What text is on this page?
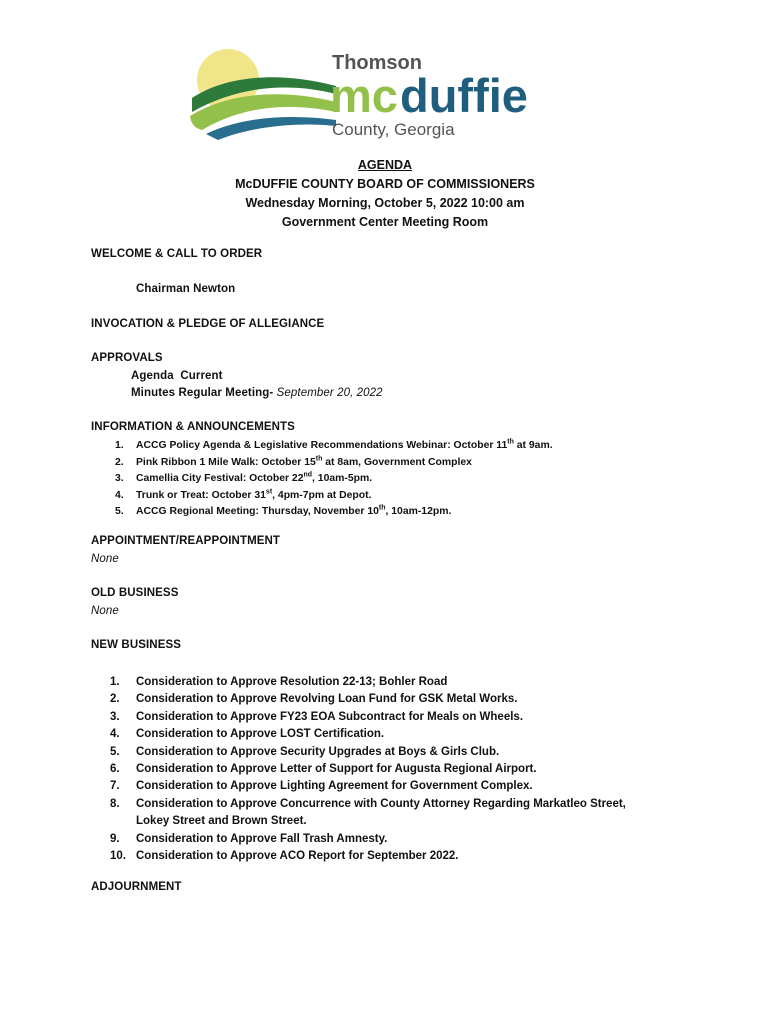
Thomson
mc duffie
County, Georgia
AGENDA
McDUFFIE COUNTY BOARD OF COMMISSIONERS
Wednesday Morning, October 5, 2022 10:00 am
Government Center Meeting Room
WELCOME & CALL TO ORDER
Chairman Newton
INVOCATION & PLEDGE OF ALLEGIANCE
APPROVALS
Agenda Current
Minutes Regular Meeting- September 20, 2022
INFORMATION & ANNOUNCEMENTS
1.	ACCG Policy Agenda & Legislative Recommendations Webinar: October 11th at 9am.
2.	Pink Ribbon 1 Mile Walk: October 15th at 8am, Government Complex
3.	Camellia City Festival: October 22nd, 10am-5pm.
4.	Trunk or Treat: October 31st, 4pm-7pm at Depot.
5.	ACCG Regional Meeting: Thursday, November 10th, 10am-12pm.
APPOINTMENT/REAPPOINTMENT
None
OLD BUSINESS
None
NEW BUSINESS
1.	Consideration to Approve Resolution 22-13; Bohler Road
2.	Consideration to Approve Revolving Loan Fund for GSK Metal Works.
3.	Consideration to Approve FY23 EOA Subcontract for Meals on Wheels.
4.	Consideration to Approve LOST Certification.
5.	Consideration to Approve Security Upgrades at Boys & Girls Club.
6.	Consideration to Approve Letter of Support for Augusta Regional Airport.
7.	Consideration to Approve Lighting Agreement for Government Complex.
8.	Consideration to Approve Concurrence with County Attorney Regarding Markatleo Street,
Lokey Street and Brown Street.
9.	Consideration to Approve Fall Trash Amnesty.
10. Consideration to Approve ACO Report for September 2022.
ADJOURNMENT
